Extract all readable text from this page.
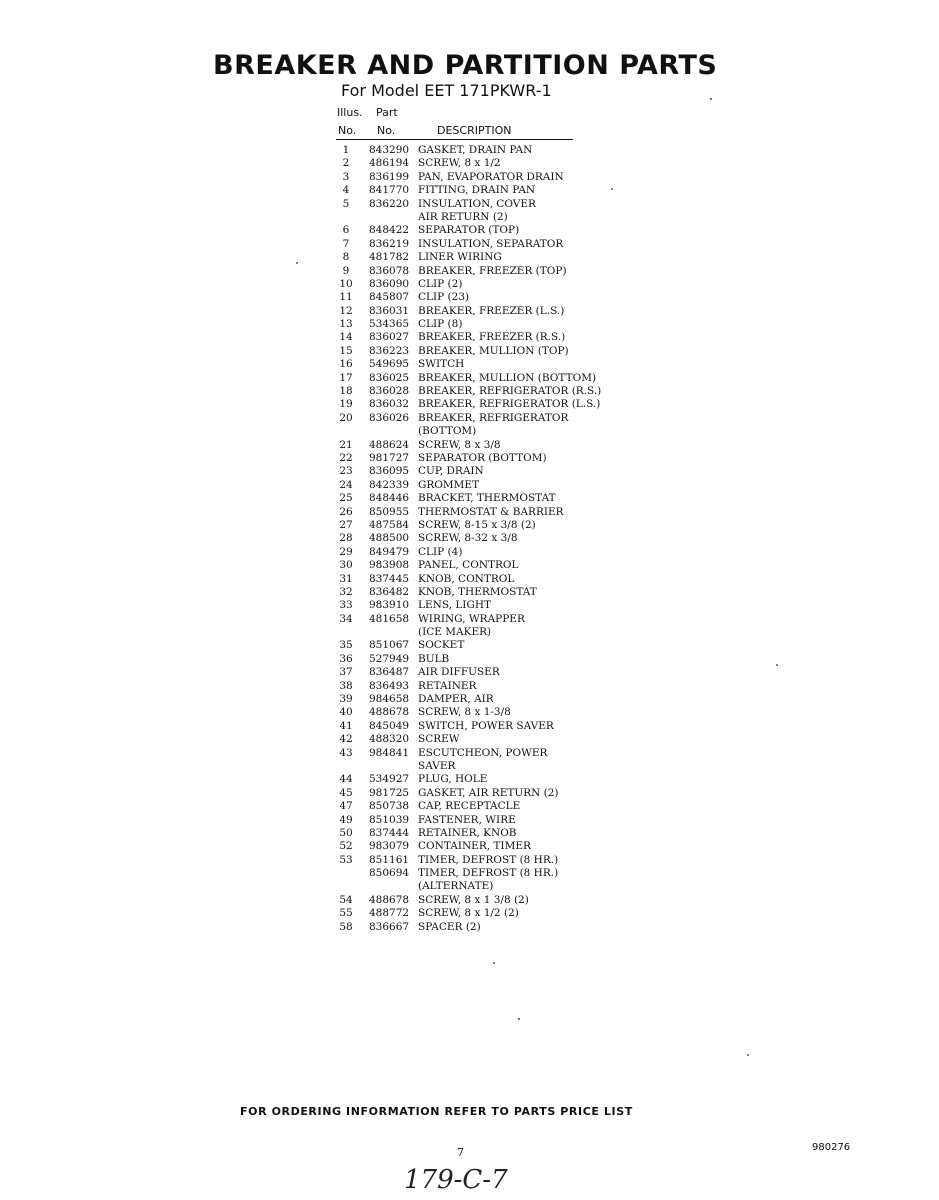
BREAKER AND PARTITION PARTS
For Model EET 171PKWR-1
Illus. Part
No. No.	DESCRIPTION
1	843290 GASKET, DRAIN PAN
2	486194 SCREW, 8 x 1/2
3	836199 PAN, EVAPORATOR DRAIN
4	841770 FITTING, DRAIN PAN
5	836220 INSULATION, COVER
AIR RETURN (2)
6	848422 SEPARATOR (TOP)
7	836219 INSULATION, SEPARATOR
8	481782 LINER WIRING
9	836078 BREAKER, FREEZER (TOP)
10	836090 CLIP (2)
11	845807 CLIP (23)
12	836031 BREAKER, FREEZER (L.S.)
13	534365 CLIP (8)
14	836027 BREAKER, FREEZER (R.S.)
15	836223 BREAKER, MULLION (TOP)
16	549695 SWITCH
17	836025 BREAKER, MULLION (BOTTOM)
18	836028 BREAKER, REFRIGERATOR (R.S.)
19	836032 BREAKER, REFRIGERATOR (L.S.)
20	836026 BREAKER, REFRIGERATOR
(BOTTOM)
21	488624 SCREW, 8 x 3/8
22	981727 SEPARATOR (BOTTOM)
23	836095 CUP, DRAIN
24	842339 GROMMET
25	848446 BRACKET, THERMOSTAT
26	850955 THERMOSTAT & BARRIER
27	487584 SCREW, 8-15 x 3/8 (2)
28	488500 SCREW, 8-32 x 3/8
29	849479 CLIP (4)
30	983908 PANEL, CONTROL
31	837445 KNOB, CONTROL
32	836482 KNOB, THERMOSTAT
33	983910 LENS, LIGHT
34	481658 WIRING, WRAPPER
(ICE MAKER)
35	851067 SOCKET
36	527949 BULB
37	836487 AIR DIFFUSER
38	836493 RETAINER
39	984658 DAMPER, AIR
40	488678 SCREW, 8 x 1-3/8
41	845049 SWITCH, POWER SAVER
42	488320 SCREW
43	984841 ESCUTCHEON, POWER
SAVER
44	534927 PLUG, HOLE
45	981725 GASKET, AIR RETURN (2)
47	850738 CAP, RECEPTACLE
49	851039 FASTENER, WIRE
50	837444 RETAINER, KNOB
52	983079 CONTAINER, TIMER
53	851161 TIMER, DEFROST (8 HR.)
850694 TIMER, DEFROST (8 HR.)
(ALTERNATE)
54	488678 SCREW, 8 x 1 3/8 (2)
55	488772 SCREW, 8 x 1/2 (2)
58	836667 SPACER (2)
FOR ORDERING INFORMATION REFER TO PARTS PRICE LIST
7	980276
179-C-7
